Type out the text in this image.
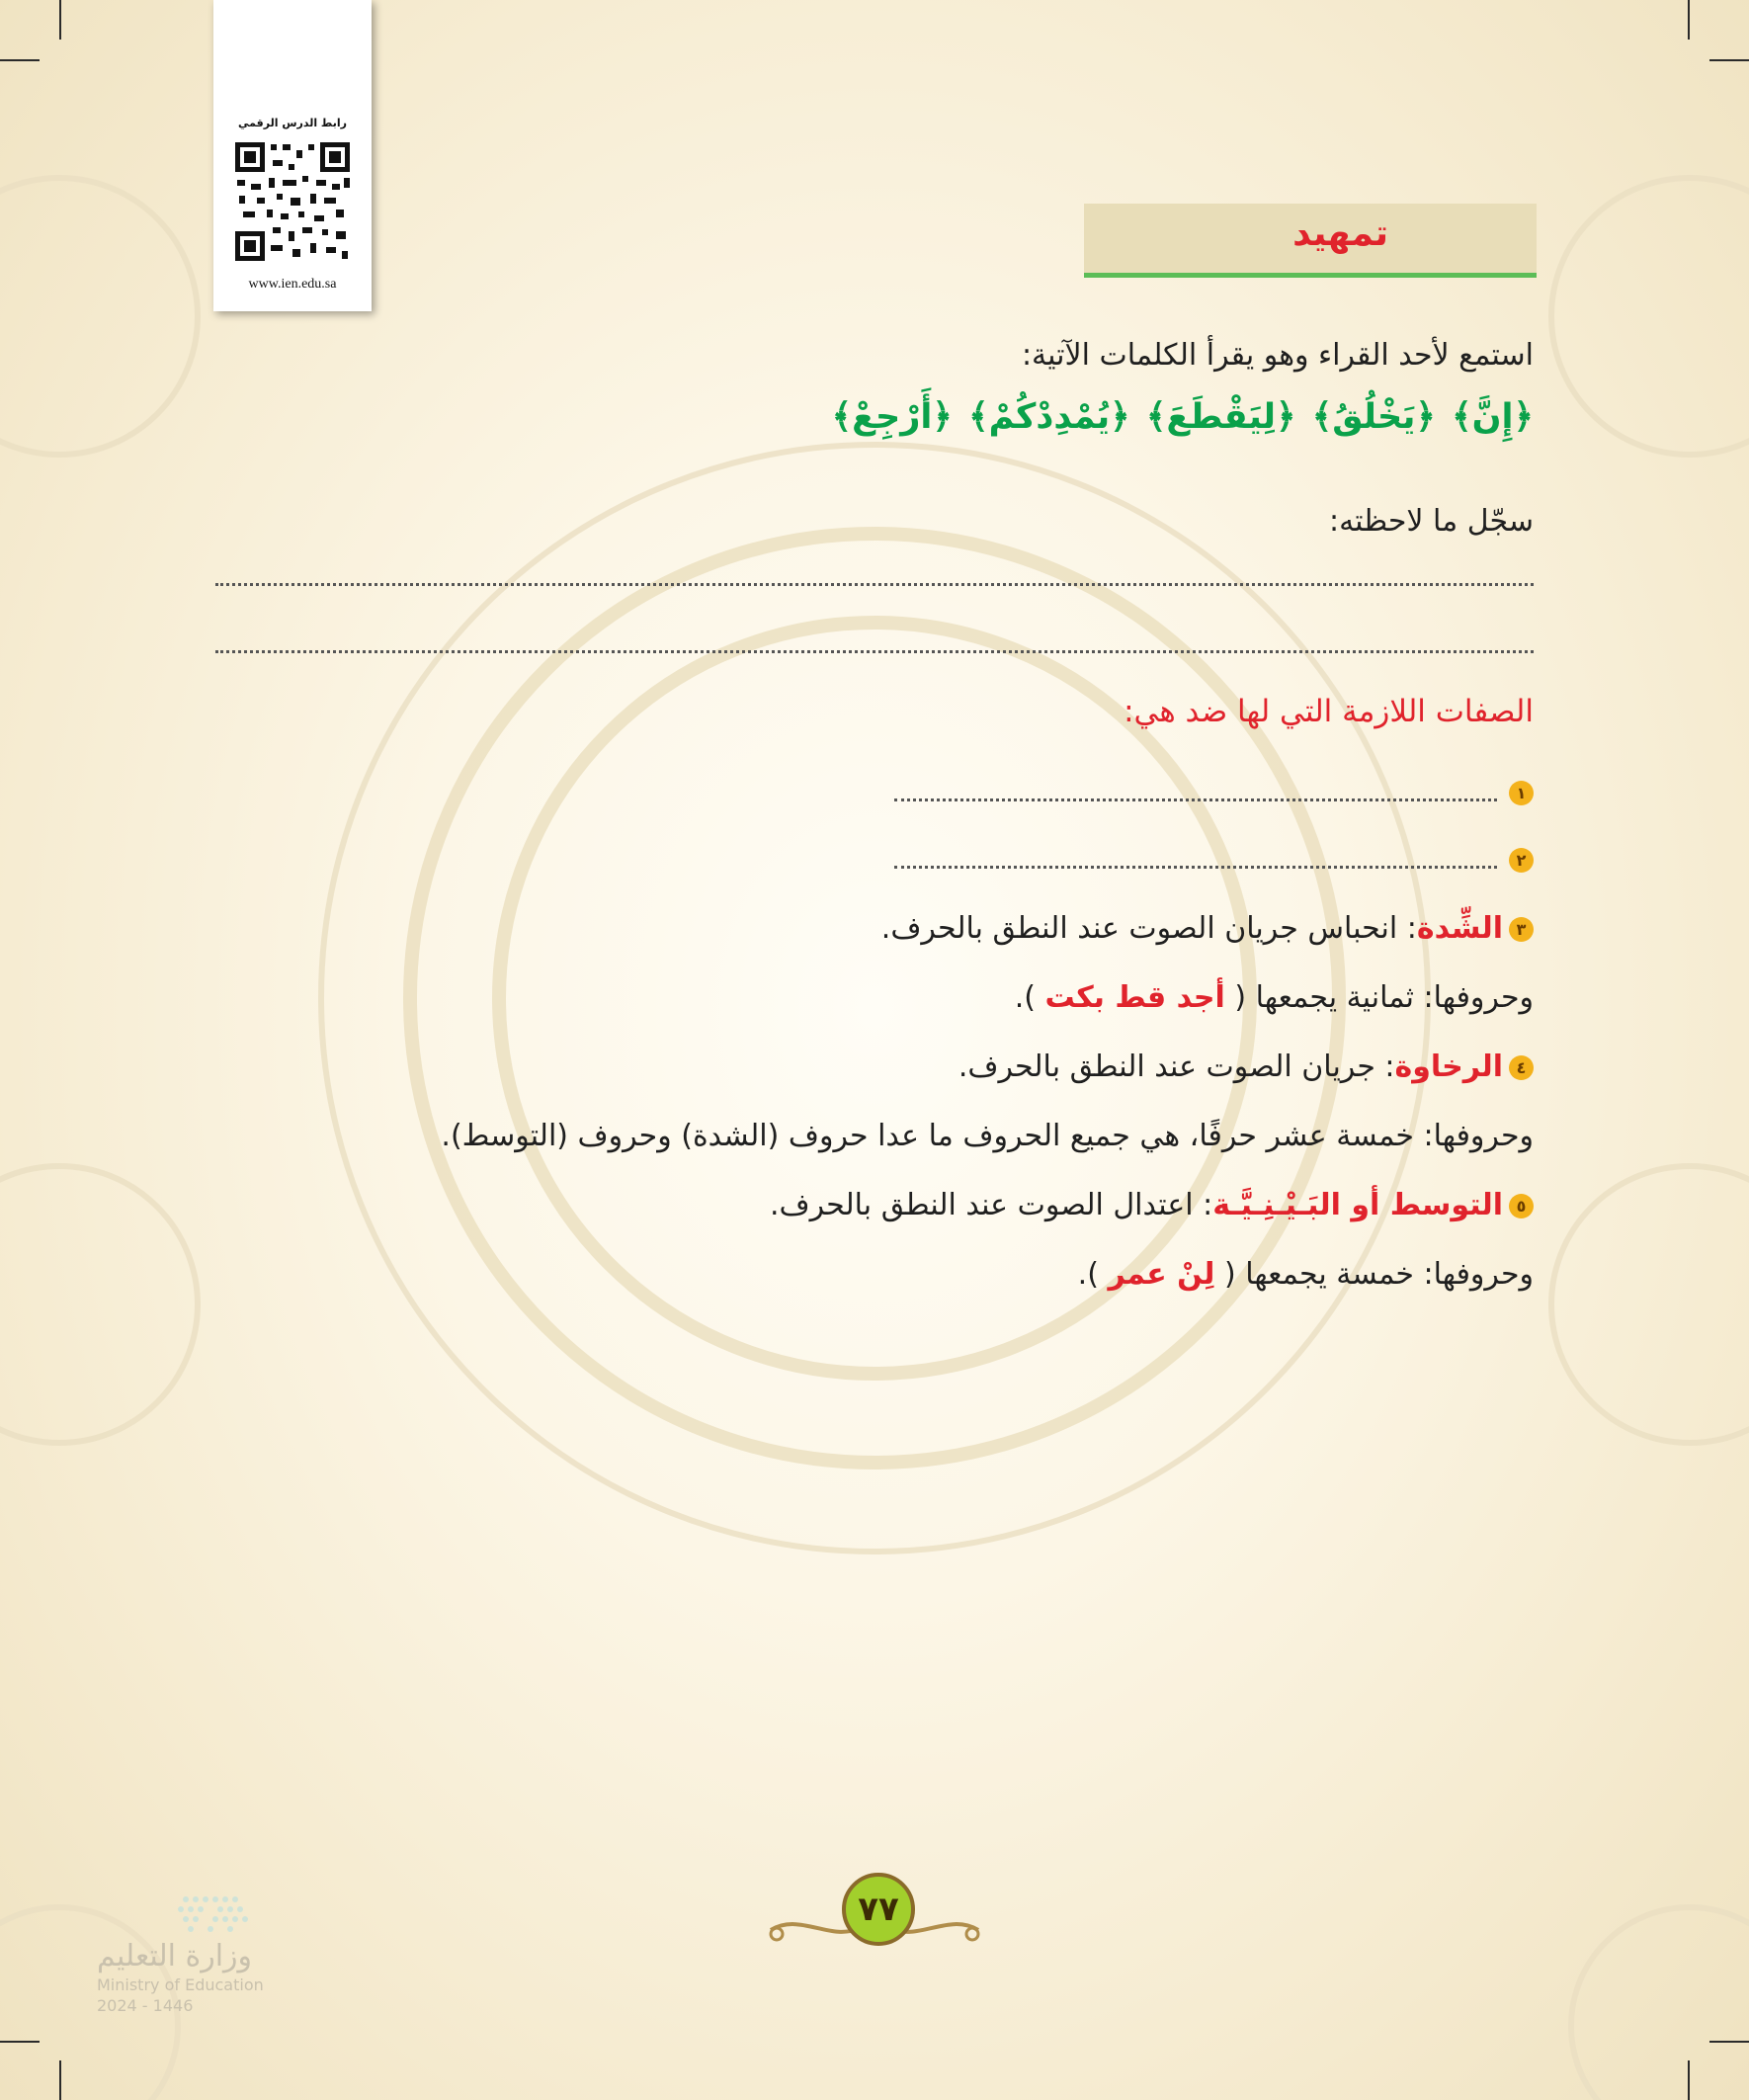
رابط الدرس الرقمي
www.ien.edu.sa
تمهيد
استمع لأحد القراء وهو يقرأ الكلمات الآتية:
﴿إِنَّ﴾ ﴿يَخْلُقُ﴾ ﴿لِيَقْطَعَ﴾ ﴿يُمْدِدْكُمْ﴾ ﴿أَرْجِعْ﴾
سجّل ما لاحظته:
الصفات اللازمة التي لها ضد هي:
١
٢
٣الشِّدة: انحباس جريان الصوت عند النطق بالحرف.
وحروفها: ثمانية يجمعها ( أجد قط بكت ).
٤الرخاوة: جريان الصوت عند النطق بالحرف.
وحروفها: خمسة عشر حرفًا، هي جميع الحروف ما عدا حروف (الشدة) وحروف (التوسط).
٥التوسط أو البَـيْـنِـيَّـة: اعتدال الصوت عند النطق بالحرف.
وحروفها: خمسة يجمعها ( لِنْ عمر ).
٧٧
وزارة التعليم
Ministry of Education
2024 - 1446
